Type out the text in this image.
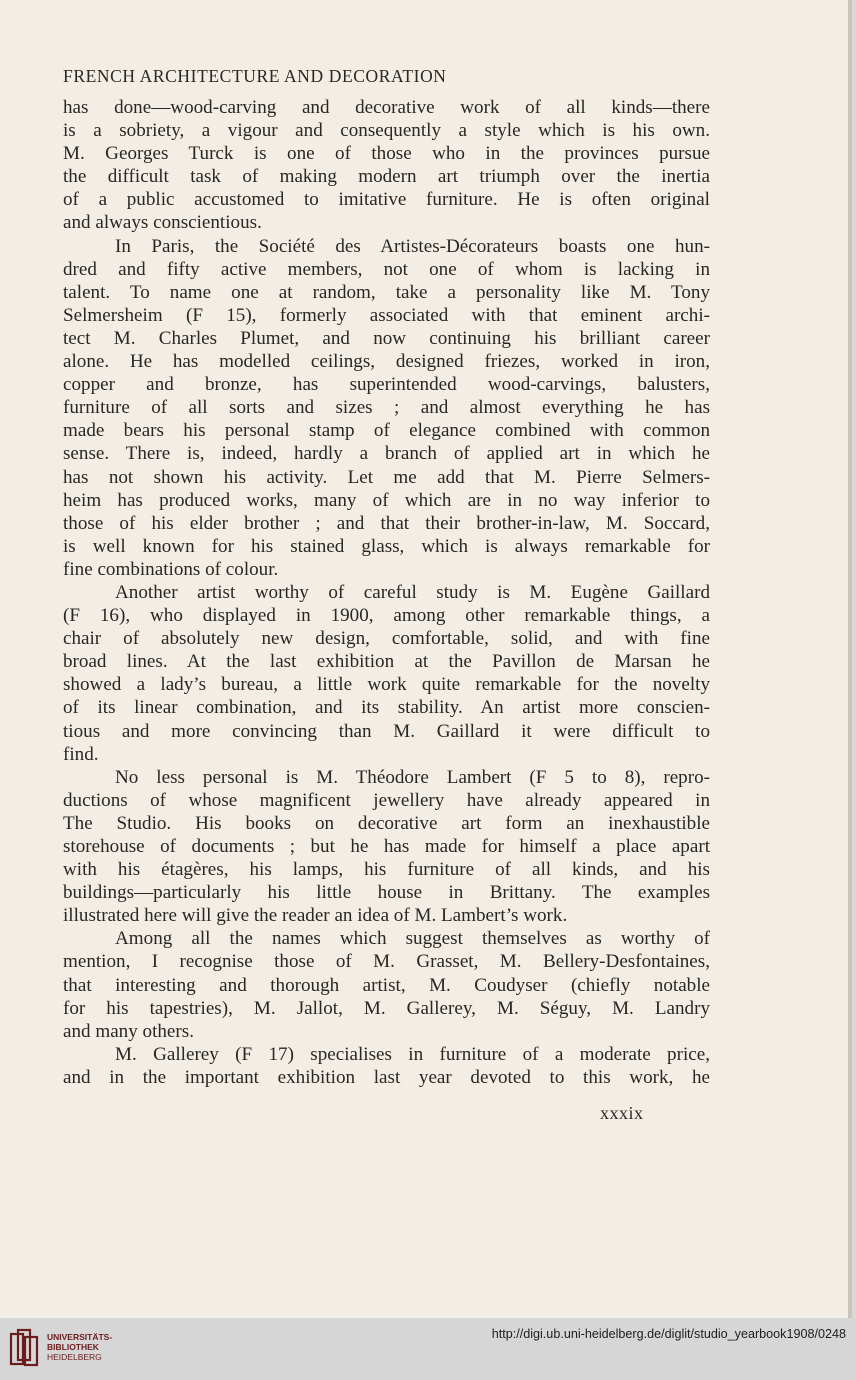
FRENCH ARCHITECTURE AND DECORATION
has done—wood-carving and decorative work of all kinds—there
is a sobriety, a vigour and consequently a style which is his own.
M. Georges Turck is one of those who in the provinces pursue
the difficult task of making modern art triumph over the inertia
of a public accustomed to imitative furniture. He is often original
and always conscientious.
In Paris, the Société des Artistes-Décorateurs boasts one hun-
dred and fifty active members, not one of whom is lacking in
talent. To name one at random, take a personality like M. Tony
Selmersheim (F 15), formerly associated with that eminent archi-
tect M. Charles Plumet, and now continuing his brilliant career
alone. He has modelled ceilings, designed friezes, worked in iron,
copper and bronze, has superintended wood-carvings, balusters,
furniture of all sorts and sizes ; and almost everything he has
made bears his personal stamp of elegance combined with common
sense. There is, indeed, hardly a branch of applied art in which he
has not shown his activity. Let me add that M. Pierre Selmers-
heim has produced works, many of which are in no way inferior to
those of his elder brother ; and that their brother-in-law, M. Soccard,
is well known for his stained glass, which is always remarkable for
fine combinations of colour.
Another artist worthy of careful study is M. Eugène Gaillard
(F 16), who displayed in 1900, among other remarkable things, a
chair of absolutely new design, comfortable, solid, and with fine
broad lines. At the last exhibition at the Pavillon de Marsan he
showed a lady’s bureau, a little work quite remarkable for the novelty
of its linear combination, and its stability. An artist more conscien-
tious and more convincing than M. Gaillard it were difficult to
find.
No less personal is M. Théodore Lambert (F 5 to 8), repro-
ductions of whose magnificent jewellery have already appeared in
The Studio. His books on decorative art form an inexhaustible
storehouse of documents ; but he has made for himself a place apart
with his étagères, his lamps, his furniture of all kinds, and his
buildings—particularly his little house in Brittany. The examples
illustrated here will give the reader an idea of M. Lambert’s work.
Among all the names which suggest themselves as worthy of
mention, I recognise those of M. Grasset, M. Bellery-Desfontaines,
that interesting and thorough artist, M. Coudyser (chiefly notable
for his tapestries), M. Jallot, M. Gallerey, M. Séguy, M. Landry
and many others.
M. Gallerey (F 17) specialises in furniture of a moderate price,
and in the important exhibition last year devoted to this work, he
xxxix
UNIVERSITÄTS-
BIBLIOTHEK
HEIDELBERG
http://digi.ub.uni-heidelberg.de/diglit/studio_yearbook1908/0248
